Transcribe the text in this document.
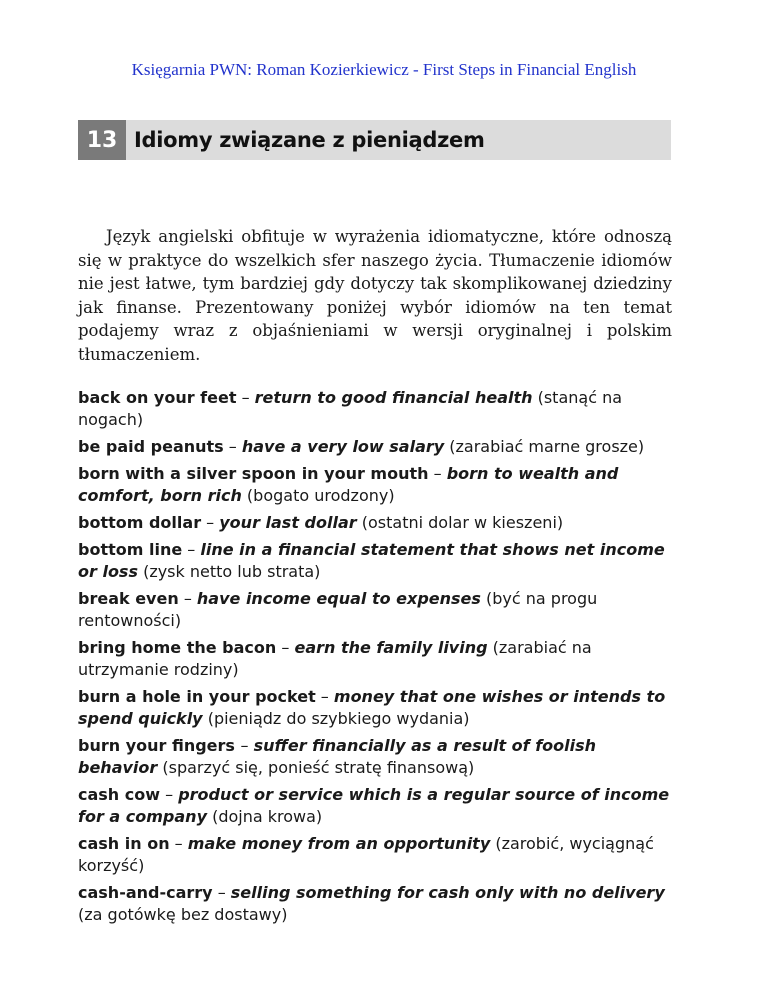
Księgarnia PWN: Roman Kozierkiewicz - First Steps in Financial English
13 Idiomy związane z pieniądzem

Język angielski obfituje w wyrażenia idiomatyczne, które odnoszą się w praktyce do wszelkich sfer naszego życia. Tłumaczenie idiomów nie jest łatwe, tym bardziej gdy dotyczy tak skomplikowanej dziedziny jak finanse. Prezentowany poniżej wybór idiomów na ten temat podajemy wraz z objaśnieniami w wersji oryginalnej i polskim tłumaczeniem.

back on your feet – return to good financial health (stanąć na nogach)
be paid peanuts – have a very low salary (zarabiać marne grosze)
born with a silver spoon in your mouth – born to wealth and comfort, born rich (bogato urodzony)
bottom dollar – your last dollar (ostatni dolar w kieszeni)
bottom line – line in a financial statement that shows net income or loss (zysk netto lub strata)
break even – have income equal to expenses (być na progu rentowności)
bring home the bacon – earn the family living (zarabiać na utrzymanie rodziny)
burn a hole in your pocket – money that one wishes or intends to spend quickly (pieniądz do szybkiego wydania)
burn your fingers – suffer financially as a result of foolish behavior (sparzyć się, ponieść stratę finansową)
cash cow – product or service which is a regular source of income for a company (dojna krowa)
cash in on – make money from an opportunity (zarobić, wyciągnąć korzyść)
cash-and-carry – selling something for cash only with no delivery (za gotówkę bez dostawy)
